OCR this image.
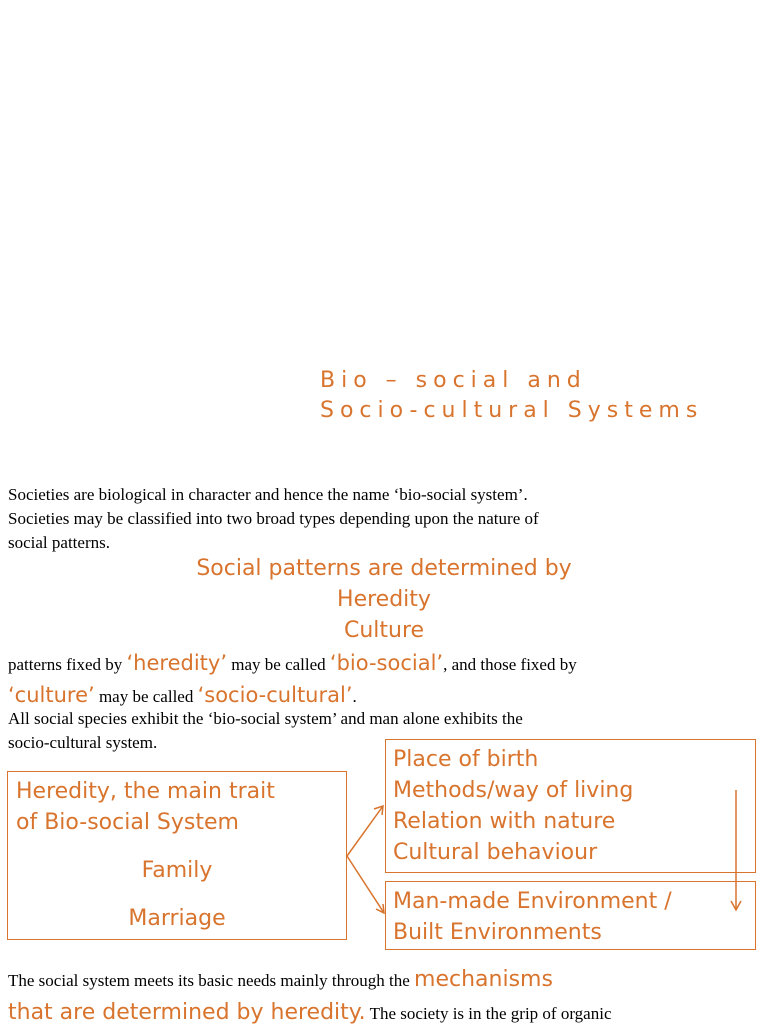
Bio – social and
Socio-cultural Systems
Societies are biological in character and hence the name ‘bio-social system’.
Societies may be classified into two broad types depending upon the nature of
social patterns.
Social patterns are determined by
Heredity
Culture
patterns fixed by ‘heredity’ may be called ‘bio-social’, and those fixed by
‘culture’ may be called ‘socio-cultural’.
All social species exhibit the ‘bio-social system’ and man alone exhibits the
socio-cultural system.
Heredity, the main trait
of Bio-social System
Family
Marriage
Place of birth
Methods/way of living
Relation with nature
Cultural behaviour
Man-made Environment /
Built Environments
The social system meets its basic needs mainly through the mechanisms
that are determined by heredity. The society is in the grip of organic
